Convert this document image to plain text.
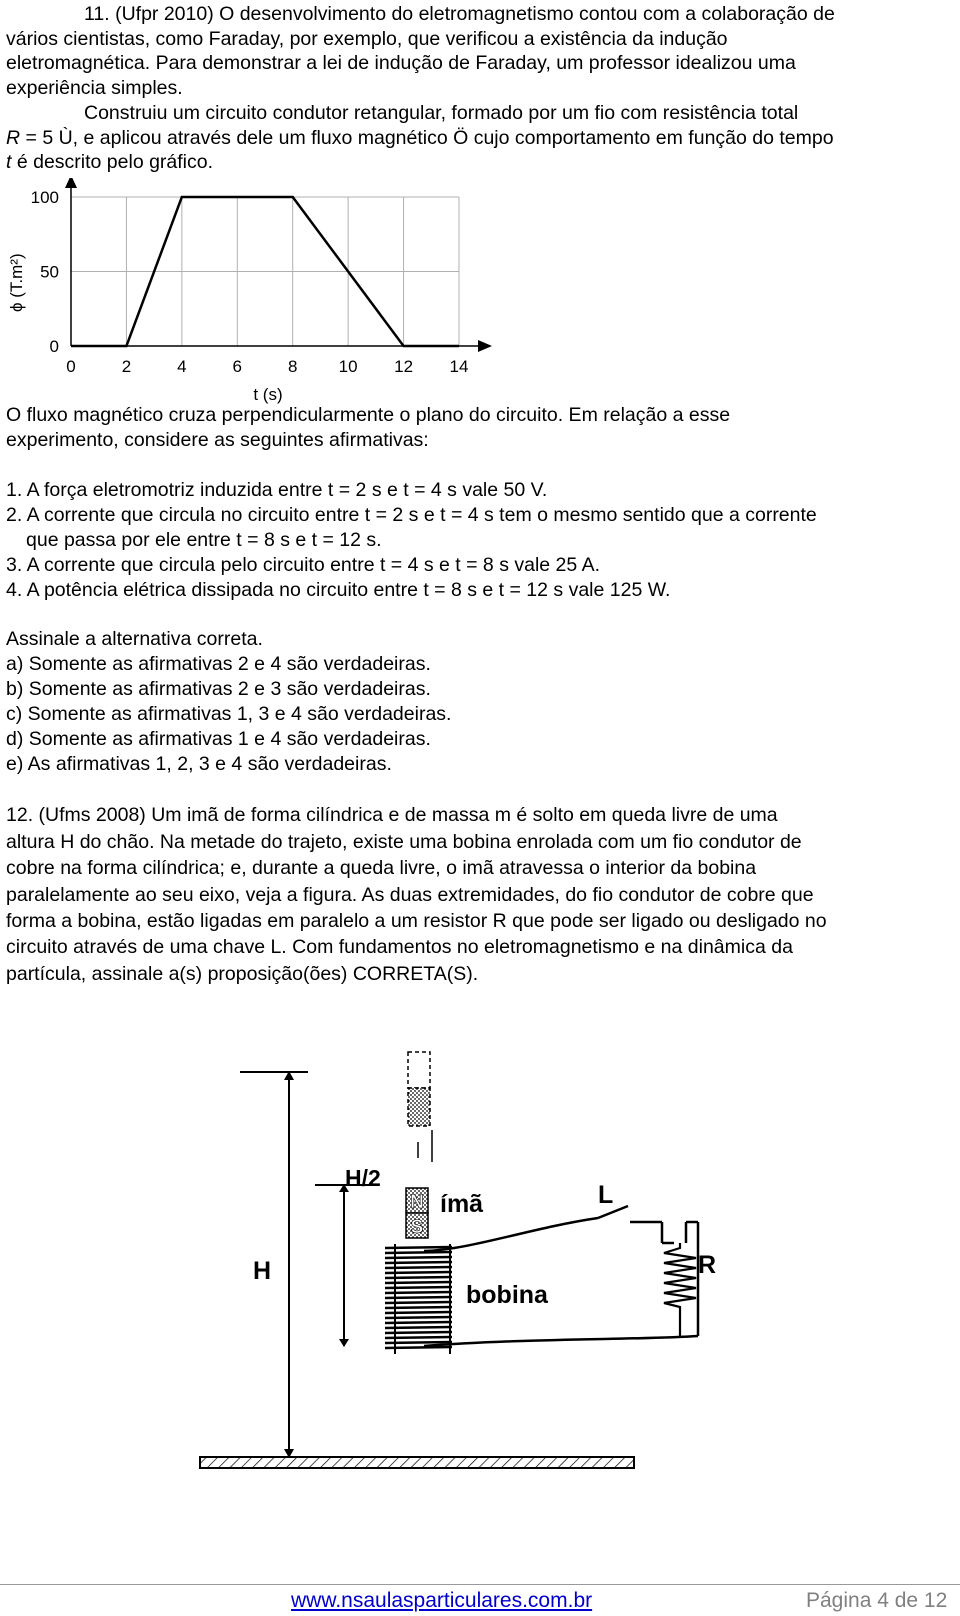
11. (Ufpr 2010) O desenvolvimento do eletromagnetismo contou com a colaboração de
vários cientistas, como Faraday, por exemplo, que verificou a existência da indução
eletromagnética. Para demonstrar a lei de indução de Faraday, um professor idealizou uma
experiência simples.
Construiu um circuito condutor retangular, formado por um fio com resistência total
R = 5 Ù, e aplicou através dele um fluxo magnético Ö cujo comportamento em função do tempo
t é descrito pelo gráfico.
0
50
100
0	2	4	6	8 10 12 14
t (s)
ϕ (T.m²)
O fluxo magnético cruza perpendicularmente o plano do circuito. Em relação a esse
experimento, considere as seguintes afirmativas:
1. A força eletromotriz induzida entre t = 2 s e t = 4 s vale 50 V.
2. A corrente que circula no circuito entre t = 2 s e t = 4 s tem o mesmo sentido que a corrente
que passa por ele entre t = 8 s e t = 12 s.
3. A corrente que circula pelo circuito entre t = 4 s e t = 8 s vale 25 A.
4. A potência elétrica dissipada no circuito entre t = 8 s e t = 12 s vale 125 W.
Assinale a alternativa correta.
a) Somente as afirmativas 2 e 4 são verdadeiras.
b) Somente as afirmativas 2 e 3 são verdadeiras.
c) Somente as afirmativas 1, 3 e 4 são verdadeiras.
d) Somente as afirmativas 1 e 4 são verdadeiras.
e) As afirmativas 1, 2, 3 e 4 são verdadeiras.
12. (Ufms 2008) Um imã de forma cilíndrica e de massa m é solto em queda livre de uma
altura H do chão. Na metade do trajeto, existe uma bobina enrolada com um fio condutor de
cobre na forma cilíndrica; e, durante a queda livre, o imã atravessa o interior da bobina
paralelamente ao seu eixo, veja a figura. As duas extremidades, do fio condutor de cobre que
forma a bobina, estão ligadas em paralelo a um resistor R que pode ser ligado ou desligado no
circuito através de uma chave L. Com fundamentos no eletromagnetismo e na dinâmica da
partícula, assinale a(s) proposição(ões) CORRETA(S).
N
S
ímã
bobina
R
L
H/2
H
www.nsaulasparticulares.com.br	Página 4 de 12
